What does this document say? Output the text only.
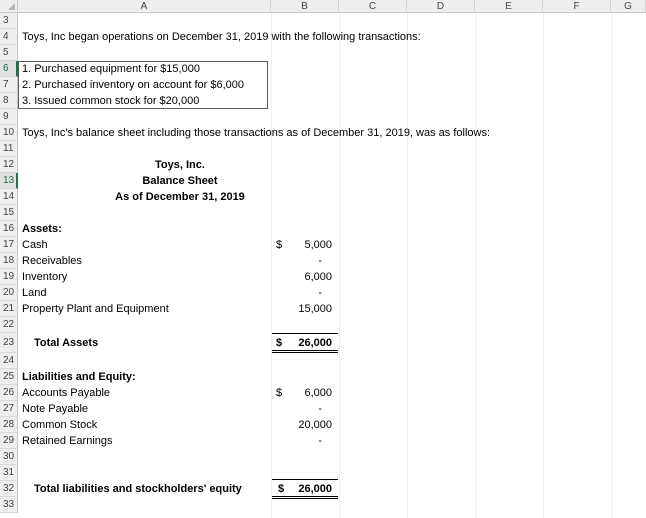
A	B	C	D	E	F	G
3
4
5
6
7
8
9
10
11
12
13
14
15
16
17
18
19
20
21
22
23
24
25
26
27
28
29
30
31
32
33
Toys, Inc began operations on December 31, 2019 with the following transactions:
1. Purchased equipment for $15,000
2. Purchased inventory on account for $6,000
3. Issued common stock for $20,000
Toys, Inc's balance sheet including those transactions as of December 31, 2019, was as follows:
Toys, Inc.
Balance Sheet
As of December 31, 2019
Assets:
Cash	$	5,000
Receivables	-
Inventory	6,000
Land	-
Property Plant and Equipment	15,000
Total Assets	$	26,000
Liabilities and Equity:
Accounts Payable	$	6,000
Note Payable	-
Common Stock	20,000
Retained Earnings	-
Total liabilities and stockholders' equity	$	26,000
